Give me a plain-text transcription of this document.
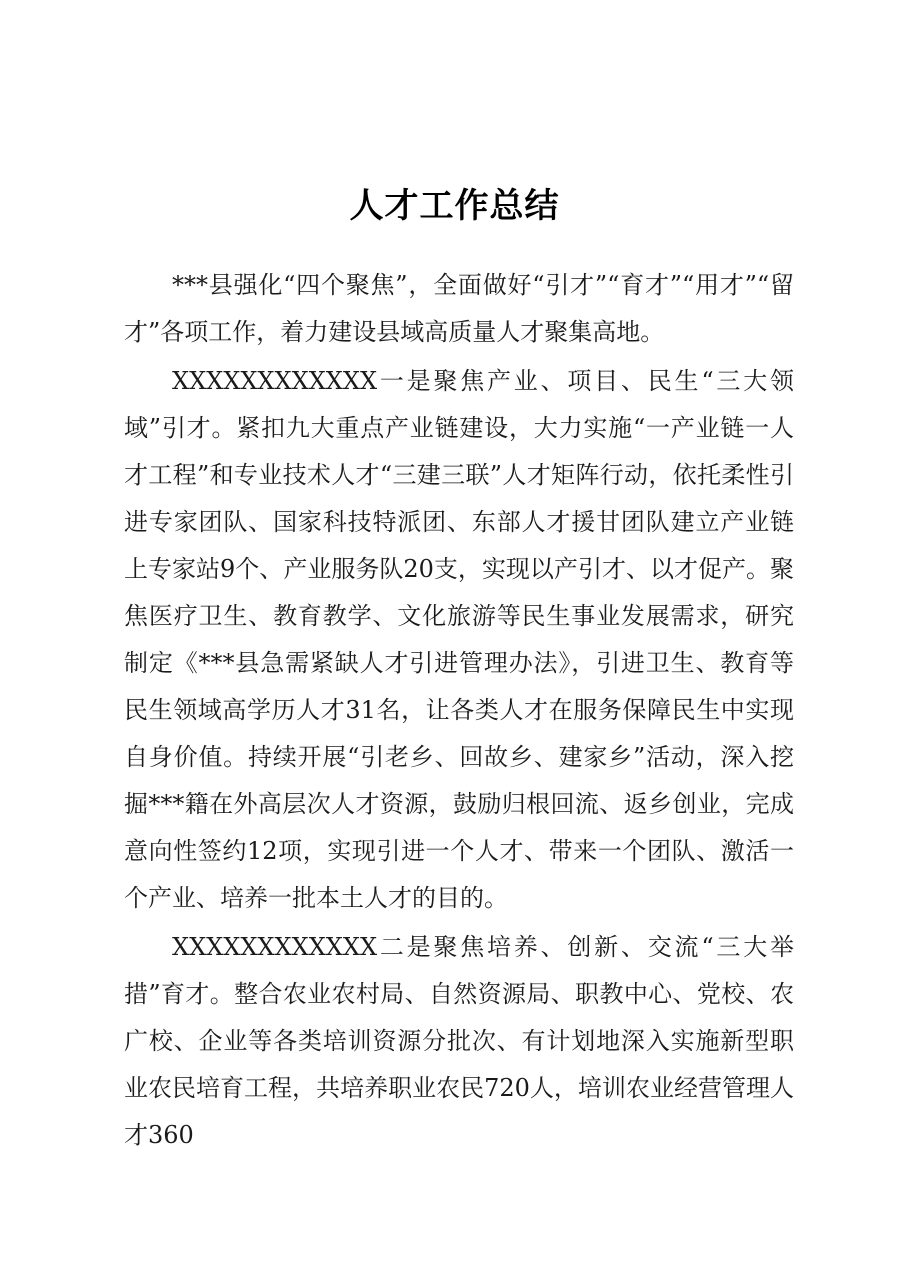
人才工作总结

***县强化“四个聚焦”，全面做好“引才”“育才”“用才”“留才”各项工作，着力建设县域高质量人才聚集高地。

XXXXXXXXXXXX一是聚焦产业、项目、民生“三大领域”引才。紧扣九大重点产业链建设，大力实施“一产业链一人才工程”和专业技术人才“三建三联”人才矩阵行动，依托柔性引进专家团队、国家科技特派团、东部人才援甘团队建立产业链上专家站9个、产业服务队20支，实现以产引才、以才促产。聚焦医疗卫生、教育教学、文化旅游等民生事业发展需求，研究制定《***县急需紧缺人才引进管理办法》，引进卫生、教育等民生领域高学历人才31名，让各类人才在服务保障民生中实现自身价值。持续开展“引老乡、回故乡、建家乡”活动，深入挖掘***籍在外高层次人才资源，鼓励归根回流、返乡创业，完成意向性签约12项，实现引进一个人才、带来一个团队、激活一个产业、培养一批本土人才的目的。

XXXXXXXXXXXX二是聚焦培养、创新、交流“三大举措”育才。整合农业农村局、自然资源局、职教中心、党校、农广校、企业等各类培训资源分批次、有计划地深入实施新型职业农民培育工程，共培养职业农民720人，培训农业经营管理人才360
